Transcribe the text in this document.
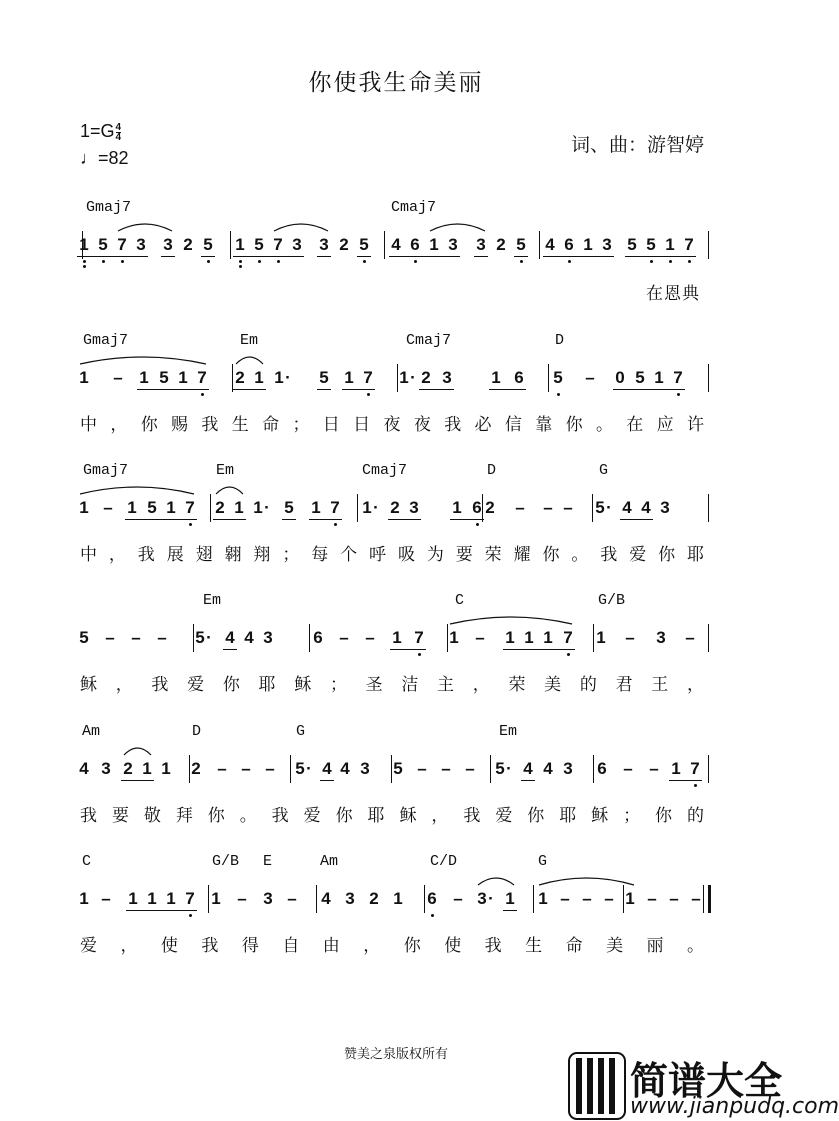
你使我生命美丽
$1=G \frac{4}{4}$
♩=82
词、曲：游智婷
Gmaj7	Cmaj7
1 5 7 3 3 2 5 1 5 7 3 3 2 5 4 6 1 3 3 2 5 4 6 1 3 5 5 1 7
在恩典
Gmaj7	Em	Cmaj7	D
1 – 1 5 1 7 2 1 1 ·	5 1 7 1 · 2 3 1 6 5 – 0 5 1 7
中，你赐我生命；日日夜夜我必信靠你。在应许
Gmaj7	Em	Cmaj7	D	G
1 – 1 5 1 7 2 1 1 · 5 1 7 1 · 2 3 1 6 2 – – – 5 · 4 4 3
中，我展翅翱翔；每个呼吸为要荣耀你。我爱你耶
Em	C	G/B
5 – – – 5 · 4 4 3 6 – – 1 7 1 – 1 1 1 7 1 – 3 –
稣，我爱你耶稣；圣洁主，荣美的君王，
Am	D	G	Em
4 3 2 1 1 2 – – – 5 · 4 4 3 5 – – – 5 · 4 4 3 6 – – 1 7
我要敬拜你。我爱你耶稣，我爱你耶稣；你的
C	G/B E	Am	C/D	G
1 – 1 1 1 7 1 – 3 – 4 3 2 1 6 – 3 · 1 1 – – – 1 – – –
爱，使我得自由，你使我生命美丽。
赞美之泉版权所有
简谱大全
www.jianpudq.com
